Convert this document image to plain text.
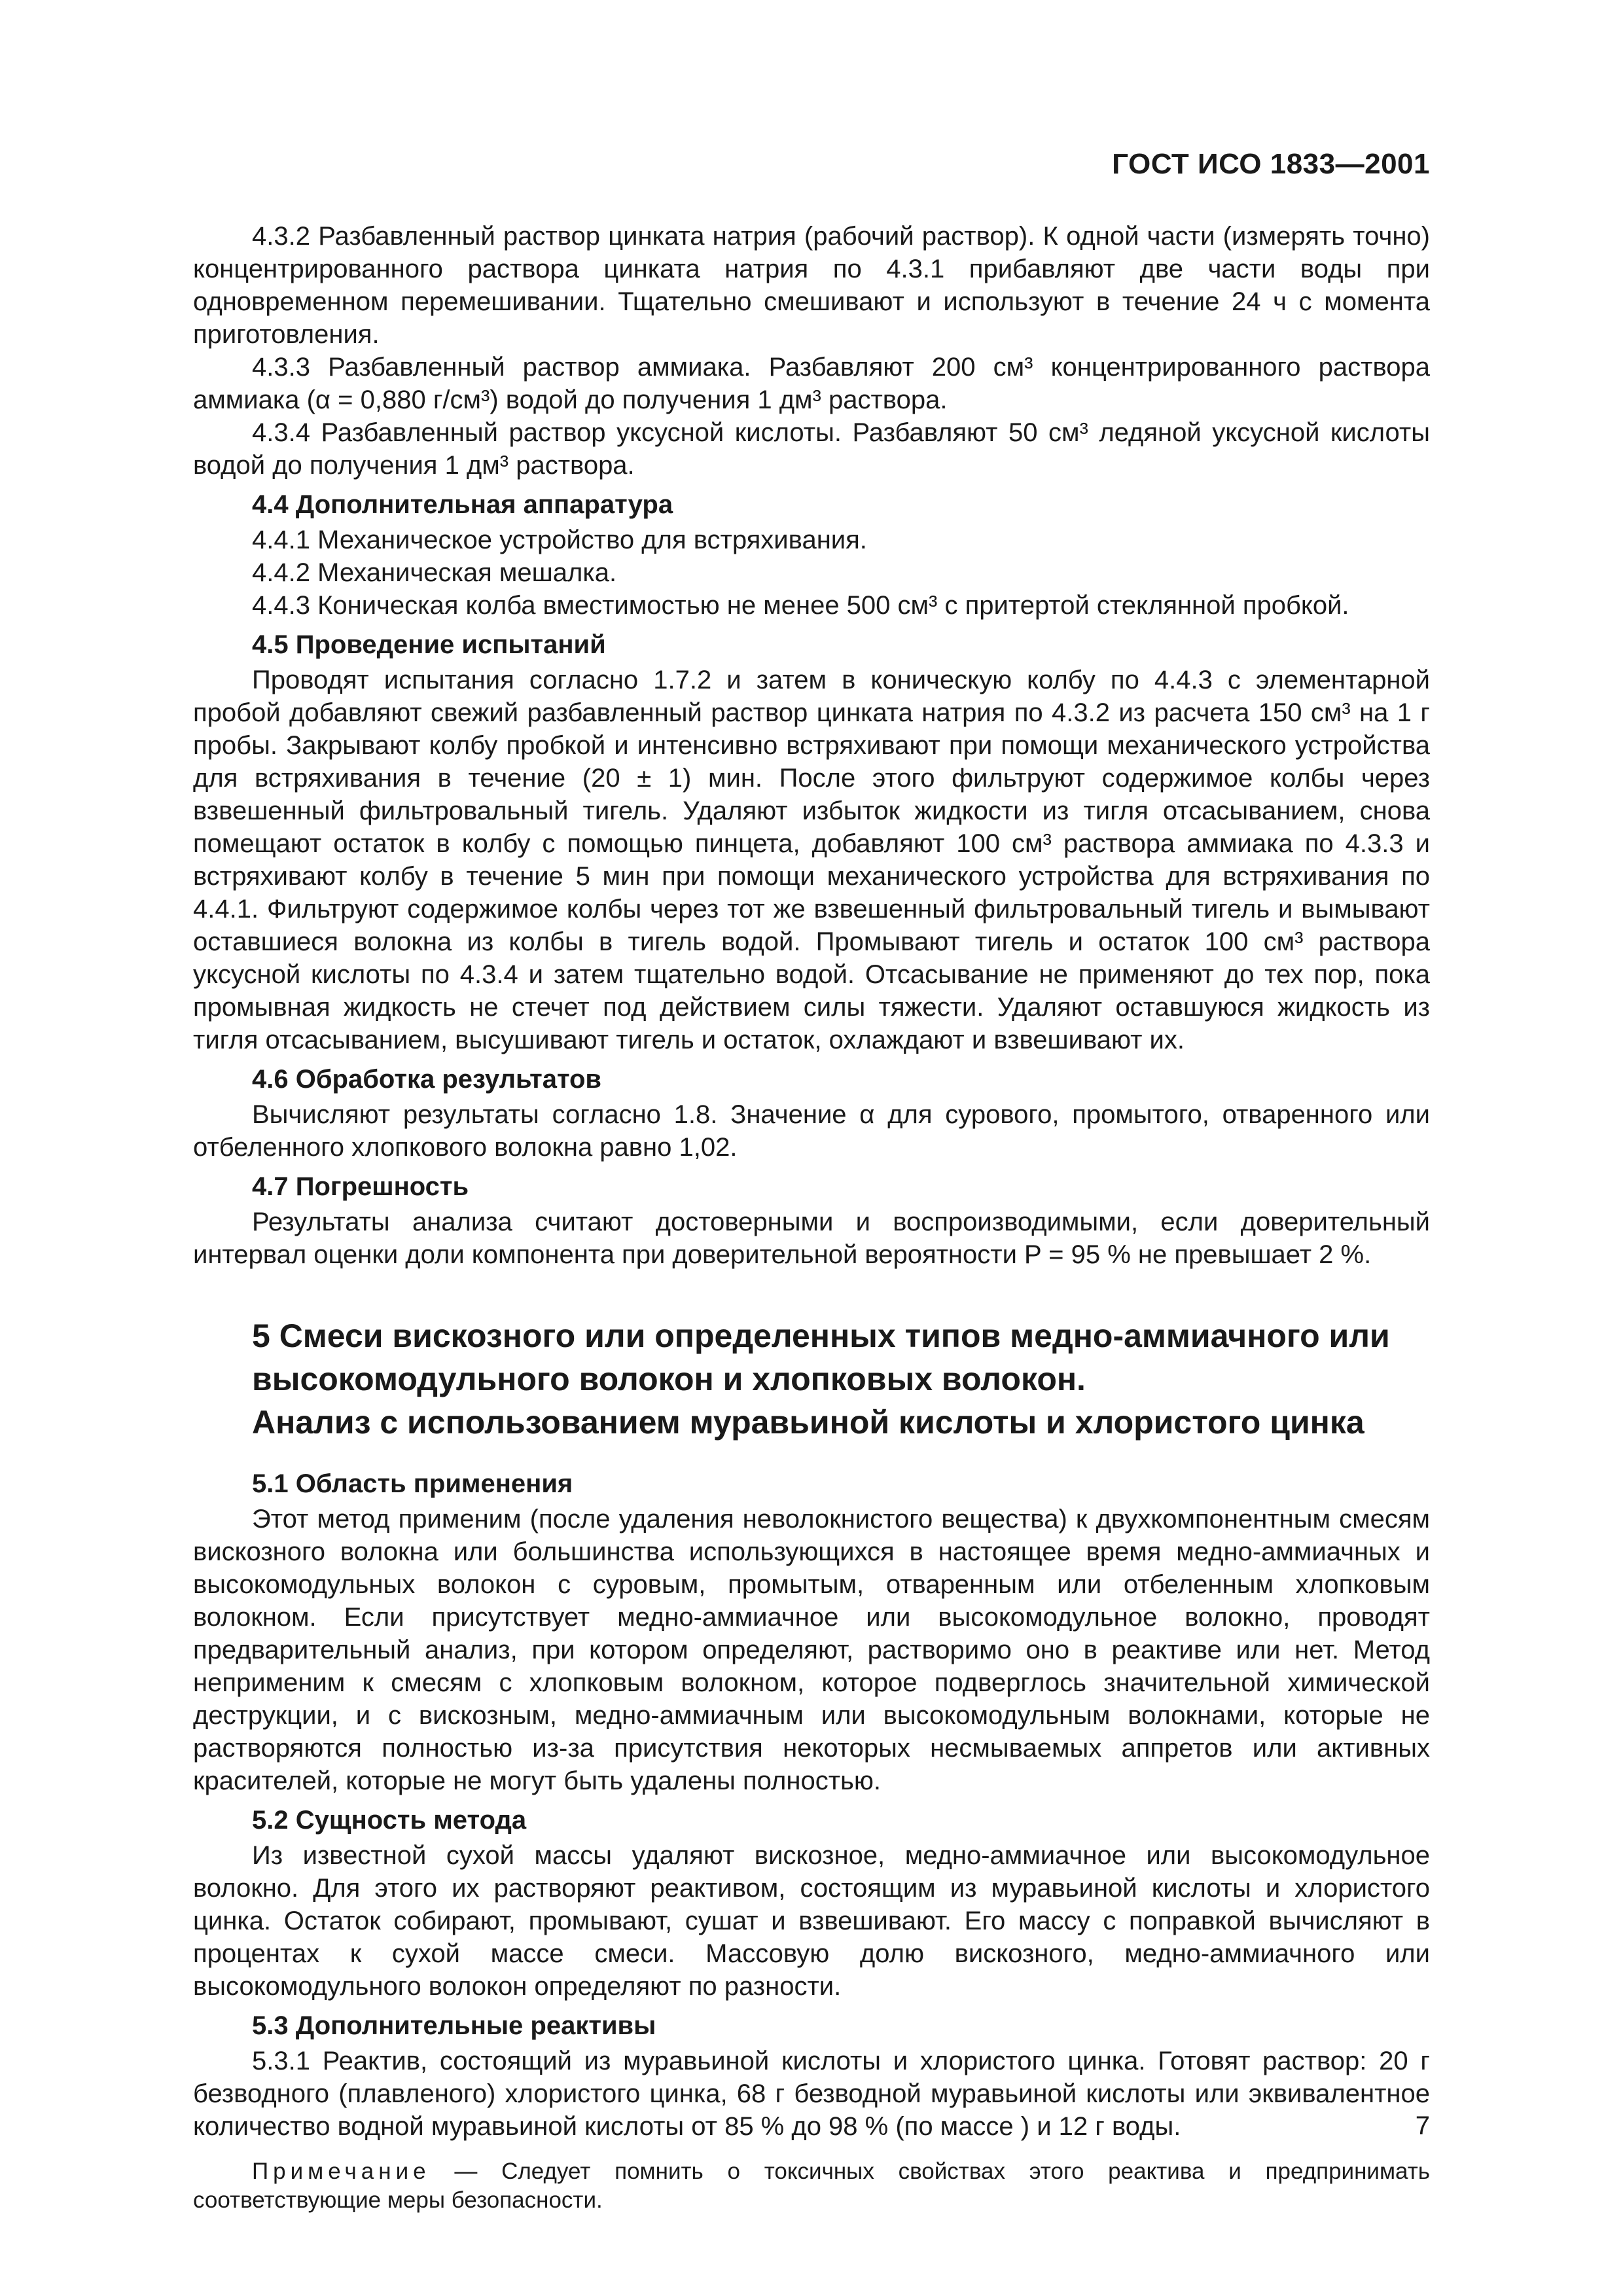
ГОСТ ИСО 1833—2001

4.3.2 Разбавленный раствор цинката натрия (рабочий раствор). К одной части (измерять точно) концентрированного раствора цинката натрия по 4.3.1 прибавляют две части воды при одновременном перемешивании. Тщательно смешивают и используют в течение 24 ч с момента приготовления.

4.3.3 Разбавленный раствор аммиака. Разбавляют 200 см³ концентрированного раствора аммиака (α = 0,880 г/см³) водой до получения 1 дм³ раствора.

4.3.4 Разбавленный раствор уксусной кислоты. Разбавляют 50 см³ ледяной уксусной кислоты водой до получения 1 дм³ раствора.

4.4 Дополнительная аппаратура

4.4.1 Механическое устройство для встряхивания.

4.4.2 Механическая мешалка.

4.4.3 Коническая колба вместимостью не менее 500 см³ с притертой стеклянной пробкой.

4.5 Проведение испытаний

Проводят испытания согласно 1.7.2 и затем в коническую колбу по 4.4.3 с элементарной пробой добавляют свежий разбавленный раствор цинката натрия по 4.3.2 из расчета 150 см³ на 1 г пробы. Закрывают колбу пробкой и интенсивно встряхивают при помощи механического устройства для встряхивания в течение (20 ± 1) мин. После этого фильтруют содержимое колбы через взвешенный фильтровальный тигель. Удаляют избыток жидкости из тигля отсасыванием, снова помещают остаток в колбу с помощью пинцета, добавляют 100 см³ раствора аммиака по 4.3.3 и встряхивают колбу в течение 5 мин при помощи механического устройства для встряхивания по 4.4.1. Фильтруют содержимое колбы через тот же взвешенный фильтровальный тигель и вымывают оставшиеся волокна из колбы в тигель водой. Промывают тигель и остаток 100 см³ раствора уксусной кислоты по 4.3.4 и затем тщательно водой. Отсасывание не применяют до тех пор, пока промывная жидкость не стечет под действием силы тяжести. Удаляют оставшуюся жидкость из тигля отсасыванием, высушивают тигель и остаток, охлаждают и взвешивают их.

4.6 Обработка результатов

Вычисляют результаты согласно 1.8. Значение α для сурового, промытого, отваренного или отбеленного хлопкового волокна равно 1,02.

4.7 Погрешность

Результаты анализа считают достоверными и воспроизводимыми, если доверительный интервал оценки доли компонента при доверительной вероятности P = 95 % не превышает 2 %.

5 Смеси вискозного или определенных типов медно-аммиачного или
высокомодульного волокон и хлопковых волокон.
Анализ с использованием муравьиной кислоты и хлористого цинка
5.1 Область применения

Этот метод применим (после удаления неволокнистого вещества) к двухкомпонентным смесям вискозного волокна или большинства использующихся в настоящее время медно-аммиачных и высокомодульных волокон с суровым, промытым, отваренным или отбеленным хлопковым волокном. Если присутствует медно-аммиачное или высокомодульное волокно, проводят предварительный анализ, при котором определяют, растворимо оно в реактиве или нет. Метод неприменим к смесям с хлопковым волокном, которое подверглось значительной химической деструкции, и с вискозным, медно-аммиачным или высокомодульным волокнами, которые не растворяются полностью из-за присутствия некоторых несмываемых аппретов или активных красителей, которые не могут быть удалены полностью.

5.2 Сущность метода

Из известной сухой массы удаляют вискозное, медно-аммиачное или высокомодульное волокно. Для этого их растворяют реактивом, состоящим из муравьиной кислоты и хлористого цинка. Остаток собирают, промывают, сушат и взвешивают. Его массу с поправкой вычисляют в процентах к сухой массе смеси. Массовую долю вискозного, медно-аммиачного или высокомодульного волокон определяют по разности.

5.3 Дополнительные реактивы

5.3.1 Реактив, состоящий из муравьиной кислоты и хлористого цинка. Готовят раствор: 20 г безводного (плавленого) хлористого цинка, 68 г безводной муравьиной кислоты или эквивалентное количество водной муравьиной кислоты от 85 % до 98 % (по массе ) и 12 г воды.

Примечание — Следует помнить о токсичных свойствах этого реактива и предпринимать соответствующие меры безопасности.

7
